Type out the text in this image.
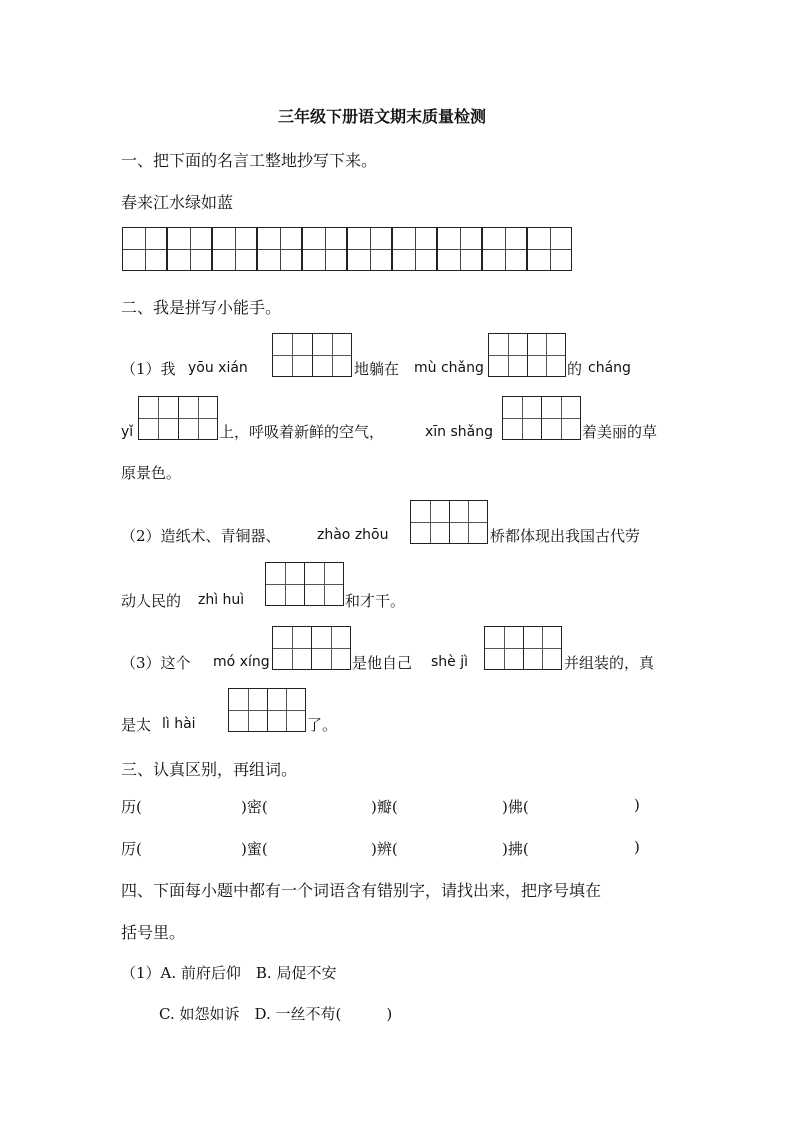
三年级下册语文期末质量检测
一、把下面的名言工整地抄写下来。
春来江水绿如蓝
二、我是拼写小能手。
（1）我 yōu xián	地躺在 mù chǎng	的 cháng
yǐ	上，呼吸着新鲜的空气，	xīn shǎng	着美丽的草
原景色。
（2）造纸术、青铜器、	zhào zhōu	桥都体现出我国古代劳
动人民的 zhì huì	和才干。
（3）这个 mó xíng	是他自己 shè jì	并组装的，真
是太 lì hài	了。
三、认真区别，再组词。
历(	)密(	)瓣(	)佛(	)
厉(	)蜜(	)辨(	)拂(	)
四、下面每小题中都有一个词语含有错别字，请找出来，把序号填在
括号里。
（1）A. 前府后仰　B. 局促不安
C. 如怨如诉　D. 一丝不苟(　　　)
